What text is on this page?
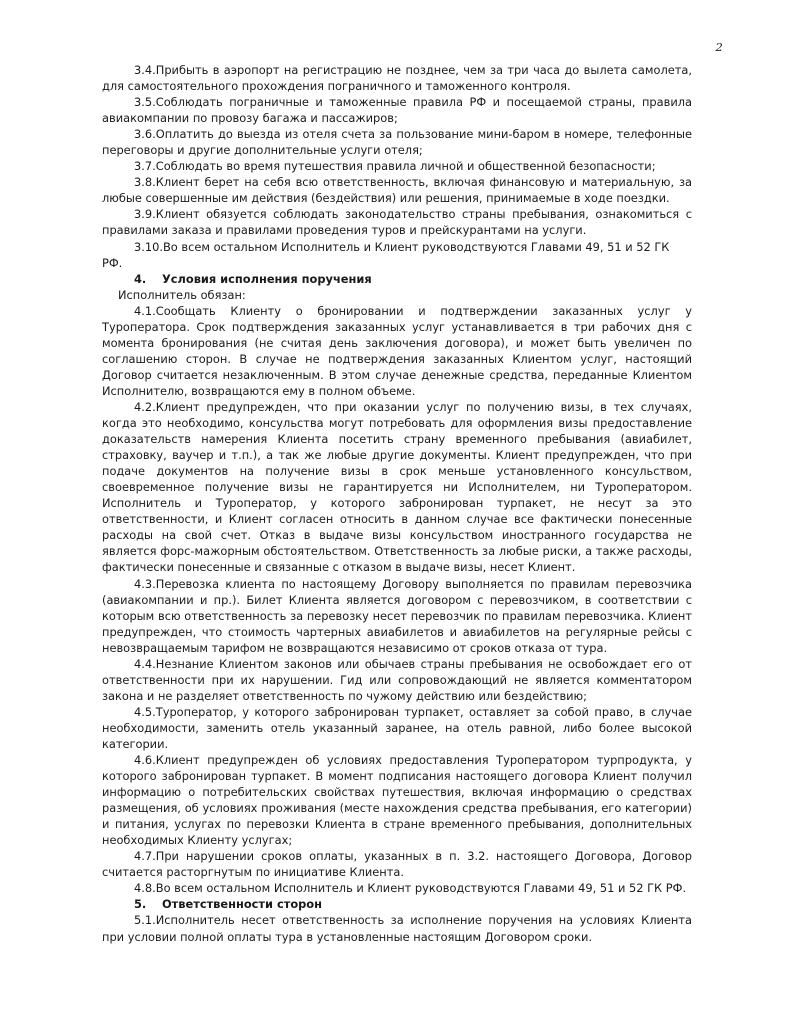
2

3.4.Прибыть в аэропорт на регистрацию не позднее, чем за три часа до вылета самолета, для самостоятельного прохождения пограничного и таможенного контроля.

3.5.Соблюдать пограничные и таможенные правила РФ и посещаемой страны, правила авиакомпании по провозу багажа и пассажиров;

3.6.Оплатить до выезда из отеля счета за пользование мини-баром в номере, телефонные переговоры и другие дополнительные услуги отеля;

3.7.Соблюдать во время путешествия правила личной и общественной безопасности;

3.8.Клиент берет на себя всю ответственность, включая финансовую и материальную, за любые совершенные им действия (бездействия) или решения, принимаемые в ходе поездки.

3.9.Клиент обязуется соблюдать законодательство страны пребывания, ознакомиться с правилами заказа и правилами проведения туров и прейскурантами на услуги.

3.10.Во всем остальном Исполнитель и Клиент руководствуются Главами 49, 51 и 52 ГК РФ.

4. Условия исполнения поручения

Исполнитель обязан:

4.1.Сообщать Клиенту о бронировании и подтверждении заказанных услуг у Туроператора. Срок подтверждения заказанных услуг устанавливается в три рабочих дня с момента бронирования (не считая день заключения договора), и может быть увеличен по соглашению сторон. В случае не подтверждения заказанных Клиентом услуг, настоящий Договор считается незаключенным. В этом случае денежные средства, переданные Клиентом Исполнителю, возвращаются ему в полном объеме.

4.2.Клиент предупрежден, что при оказании услуг по получению визы, в тех случаях, когда это необходимо, консульства могут потребовать для оформления визы предоставление доказательств намерения Клиента посетить страну временного пребывания (авиабилет, страховку, ваучер и т.п.), а так же любые другие документы. Клиент предупрежден, что при подаче документов на получение визы в срок меньше установленного консульством, своевременное получение визы не гарантируется ни Исполнителем, ни Туроператором. Исполнитель и Туроператор, у которого забронирован турпакет, не несут за это ответственности, и Клиент согласен относить в данном случае все фактически понесенные расходы на свой счет. Отказ в выдаче визы консульством иностранного государства не является форс-мажорным обстоятельством. Ответственность за любые риски, а также расходы, фактически понесенные и связанные с отказом в выдаче визы, несет Клиент.

4.3.Перевозка клиента по настоящему Договору выполняется по правилам перевозчика (авиакомпании и пр.). Билет Клиента является договором с перевозчиком, в соответствии с которым всю ответственность за перевозку несет перевозчик по правилам перевозчика. Клиент предупрежден, что стоимость чартерных авиабилетов и авиабилетов на регулярные рейсы с невозвращаемым тарифом не возвращаются независимо от сроков отказа от тура.

4.4.Незнание Клиентом законов или обычаев страны пребывания не освобождает его от ответственности при их нарушении. Гид или сопровождающий не является комментатором закона и не разделяет ответственность по чужому действию или бездействию;

4.5.Туроператор, у которого забронирован турпакет, оставляет за собой право, в случае необходимости, заменить отель указанный заранее, на отель равной, либо более высокой категории.

4.6.Клиент предупрежден об условиях предоставления Туроператором турпродукта, у которого забронирован турпакет. В момент подписания настоящего договора Клиент получил информацию о потребительских свойствах путешествия, включая информацию о средствах размещения, об условиях проживания (месте нахождения средства пребывания, его категории) и питания, услугах по перевозки Клиента в стране временного пребывания, дополнительных необходимых Клиенту услугах;

4.7.При нарушении сроков оплаты, указанных в п. 3.2. настоящего Договора, Договор считается расторгнутым по инициативе Клиента.

4.8.Во всем остальном Исполнитель и Клиент руководствуются Главами 49, 51 и 52 ГК РФ.

5. Ответственности сторон

5.1.Исполнитель несет ответственность за исполнение поручения на условиях Клиента при условии полной оплаты тура в установленные настоящим Договором сроки.
